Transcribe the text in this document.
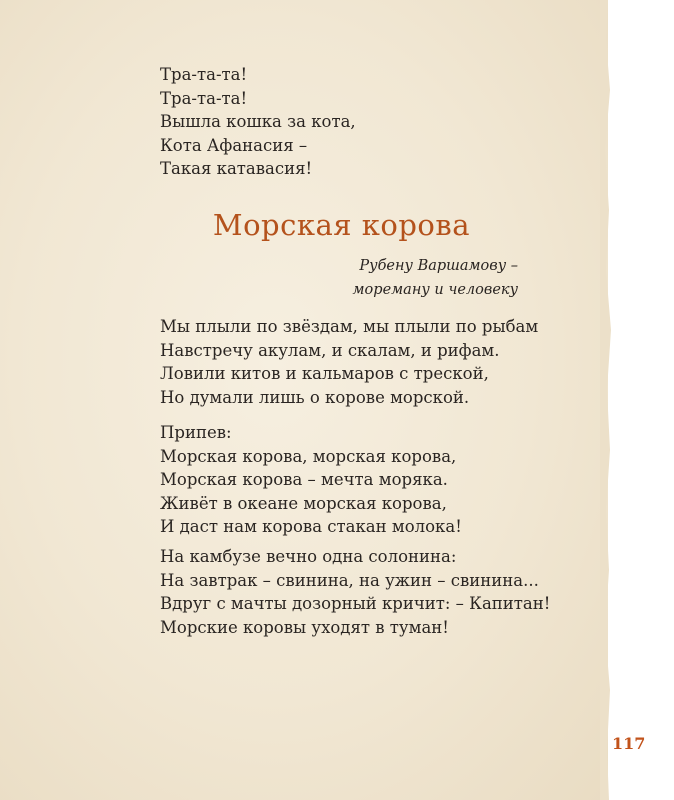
Тра-та-та!
Тра-та-та!
Вышла кошка за кота,
Кота Афанасия –
Такая катавасия!
Морская корова
Рубену Варшамову –
мореману и человеку
Мы плыли по звёздам, мы плыли по рыбам
Навстречу акулам, и скалам, и рифам.
Ловили китов и кальмаров с треской,
Но думали лишь о корове морской.
Припев:
Морская корова, морская корова,
Морская корова – мечта моряка.
Живёт в океане морская корова,
И даст нам корова стакан молока!
На камбузе вечно одна солонина:
На завтрак – свинина, на ужин – свинина...
Вдруг с мачты дозорный кричит: – Капитан!
Морские коровы уходят в туман!
117
